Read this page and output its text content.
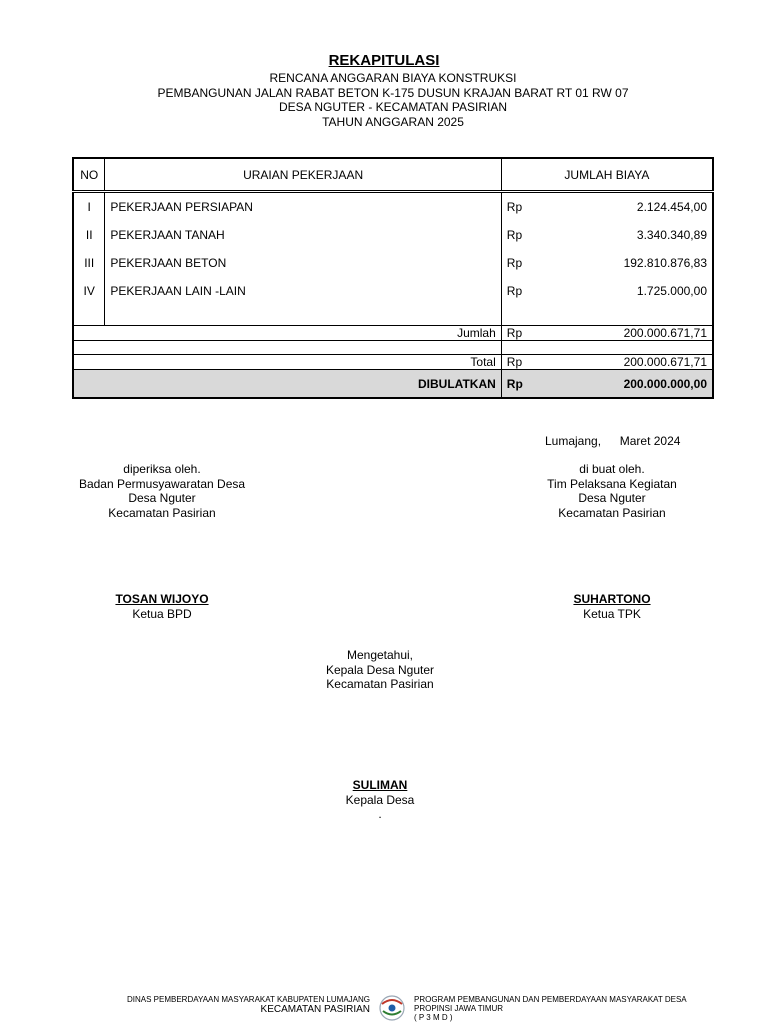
REKAPITULASI
RENCANA ANGGARAN BIAYA KONSTRUKSI
PEMBANGUNAN JALAN RABAT BETON K-175 DUSUN KRAJAN BARAT RT 01 RW 07
DESA NGUTER - KECAMATAN PASIRIAN
TAHUN ANGGARAN 2025
NO	URAIAN PEKERJAAN	JUMLAH BIAYA	
I	PEKERJAAN PERSIAPAN	Rp	2.124.454,00
II	PEKERJAAN TANAH	Rp	3.340.340,89
III	PEKERJAAN BETON	Rp	192.810.876,83
IV	PEKERJAAN LAIN -LAIN	Rp	1.725.000,00

Jumlah		Rp	200.000.671,71

Total		Rp	200.000.671,71
DIBULATKAN		Rp	200.000.000,00
Lumajang, Maret 2024
diperiksa oleh.
Badan Permusyawaratan Desa
Desa Nguter
Kecamatan Pasirian
TOSAN WIJOYO
Ketua BPD
di buat oleh.
Tim Pelaksana Kegiatan
Desa Nguter
Kecamatan Pasirian
SUHARTONO
Ketua TPK
Mengetahui,
Kepala Desa Nguter
Kecamatan Pasirian
SULIMAN
Kepala Desa
.
DINAS PEMBERDAYAAN MASYARAKAT KABUPATEN LUMAJANG
KECAMATAN PASIRIAN
PROGRAM PEMBANGUNAN DAN PEMBERDAYAAN MASYARAKAT DESA
PROPINSI JAWA TIMUR
( P 3 M D )
